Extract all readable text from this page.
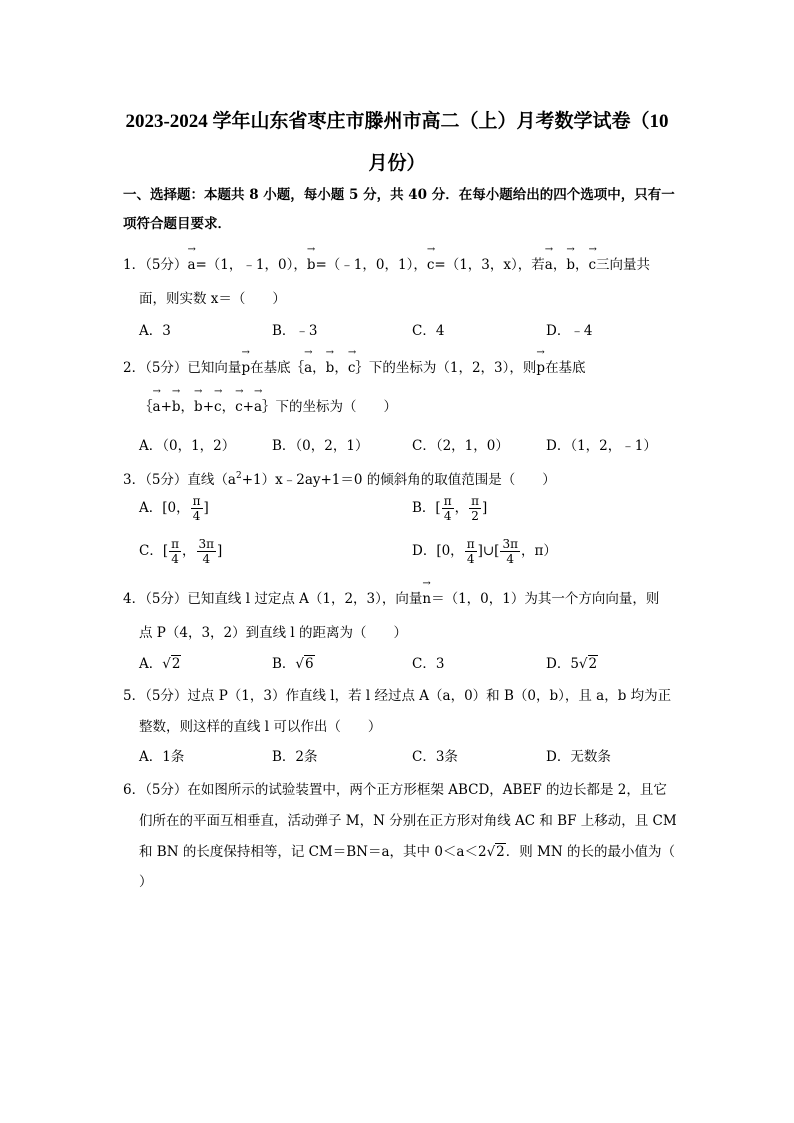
2023-2024 学年山东省枣庄市滕州市高二（上）月考数学试卷（10
月份）
一、选择题：本题共 8 小题，每小题 5 分，共 40 分．在每小题给出的四个选项中，只有一
项符合题目要求．
1．（5分）→ a=（1，﹣1，0），→ b=（﹣1，0，1），→ c=（1，3，x），若→ a，→ b，→ c三向量共
面，则实数 x＝（　　）
A．3	B．﹣3	C．4	D．﹣4
2．（5分）已知向量→ p在基底｛→ a，→ b，→ c｝下的坐标为（1，2，3），则→ p在基底
｛→ a+→ b，→ b+→ c，→ c+→ a｝下的坐标为（　　）
A．（0，1，2）	B．（0，2，1）	C．（2，1，0）	D．（1，2，﹣1）
3．（5分）直线$(a^2+1)x﹣2ay+1=0$ 的倾斜角的取值范围是（　　）
A．[0， $\frac{\pi}{4}$ ]	B．[ $\frac{\pi}{4}$ ， $\frac{\pi}{2}$ ]
C．[ $\frac{\pi}{4}$ ， $\frac{3\pi}{4}$ ]	D．[0， $\frac{\pi}{4}$ ]∪[ $\frac{3\pi}{4}$ ，π）
4．（5分）已知直线 l 过定点 A（1，2，3），向量→ n＝（1，0，1）为其一个方向向量，则
点 P（4，3，2）到直线 l 的距离为（　　）
A．√2	B．√6	C．3	D．5√2
5．（5分）过点 P（1，3）作直线 l，若 l 经过点 A（a，0）和 B（0，b），且 a，b 均为正
整数，则这样的直线 l 可以作出（　　）
A．1条	B．2条	C．3条	D．无数条
6．（5分）在如图所示的试验装置中，两个正方形框架 ABCD，ABEF 的边长都是 2，且它
们所在的平面互相垂直，活动弹子 M，N 分别在正方形对角线 AC 和 BF 上移动，且 CM
和 BN 的长度保持相等，记 CM＝BN＝a，其中 0＜a＜2√2．则 MN 的长的最小值为（
）
